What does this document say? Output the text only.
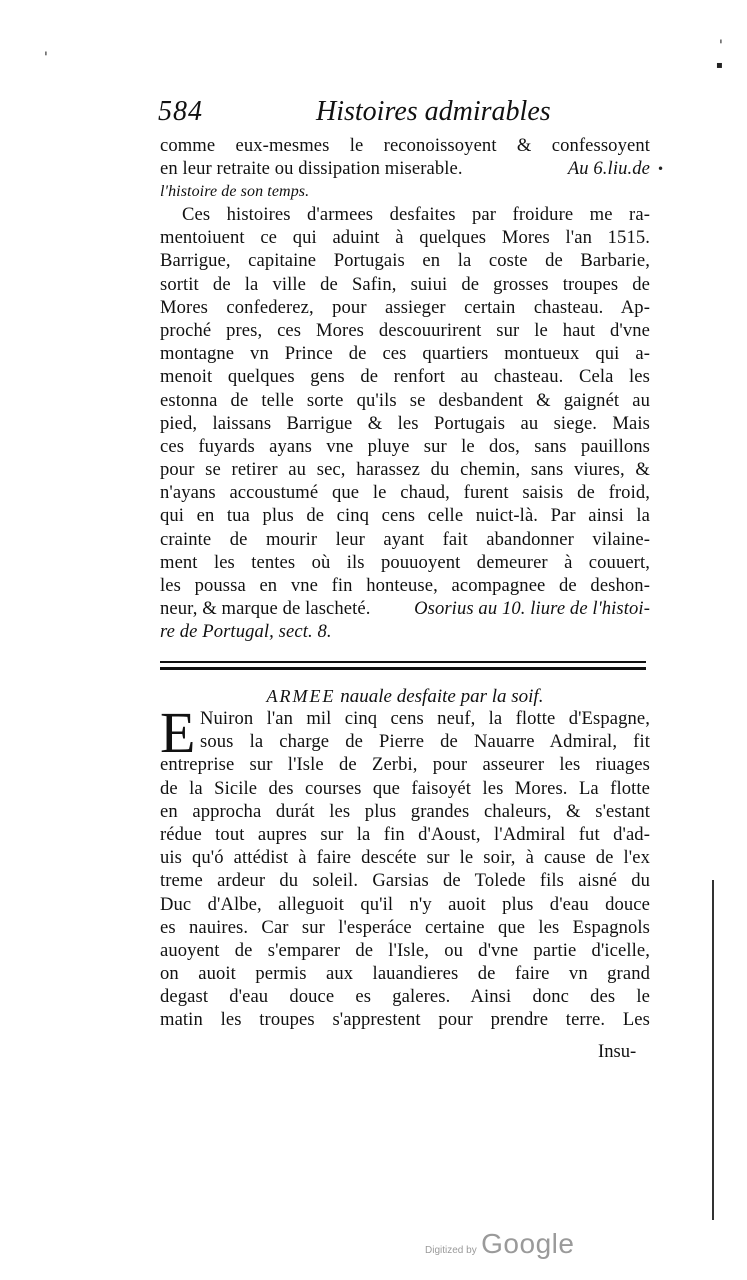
'
'
▪
•
584	Histoires admirables
comme eux-mesmes le reconoissoyent & confessoyent
en leur retraite ou dissipation miserable.	Au 6.liu.de
l'histoire de son temps.
Ces histoires d'armees desfaites par froidure me ra-
mentoiuent ce qui aduint à quelques Mores l'an 1515.
Barrigue, capitaine Portugais en la coste de Barbarie,
sortit de la ville de Safin, suiui de grosses troupes de
Mores confederez, pour assieger certain chasteau. Ap-
proché pres, ces Mores descouurirent sur le haut d'vne
montagne vn Prince de ces quartiers montueux qui a-
menoit quelques gens de renfort au chasteau. Cela les
estonna de telle sorte qu'ils se desbandent & gaignét au
pied, laissans Barrigue & les Portugais au siege. Mais
ces fuyards ayans vne pluye sur le dos, sans pauillons
pour se retirer au sec, harassez du chemin, sans viures, &
n'ayans accoustumé que le chaud, furent saisis de froid,
qui en tua plus de cinq cens celle nuict-là. Par ainsi la
crainte de mourir leur ayant fait abandonner vilaine-
ment les tentes où ils pouuoyent demeurer à couuert,
les poussa en vne fin honteuse, acompagnee de deshon-
neur, & marque de lascheté. Osorius au 10. liure de l'histoi-
re de Portugal, sect. 8.
ARMEE nauale desfaite par la soif.
E Nuiron l'an mil cinq cens neuf, la flotte d'Espagne,
sous la charge de Pierre de Nauarre Admiral, fit
entreprise sur l'Isle de Zerbi, pour asseurer les riuages
de la Sicile des courses que faisoyét les Mores. La flotte
en approcha durát les plus grandes chaleurs, & s'estant
rédue tout aupres sur la fin d'Aoust, l'Admiral fut d'ad-
uis qu'ó attédist à faire descéte sur le soir, à cause de l'ex
treme ardeur du soleil. Garsias de Tolede fils aisné du
Duc d'Albe, alleguoit qu'il n'y auoit plus d'eau douce
es nauires. Car sur l'esperáce certaine que les Espagnols
auoyent de s'emparer de l'Isle, ou d'vne partie d'icelle,
on auoit permis aux lauandieres de faire vn grand
degast d'eau douce es galeres. Ainsi donc des le
matin les troupes s'apprestent pour prendre terre. Les
Insu-
Digitized by Google
